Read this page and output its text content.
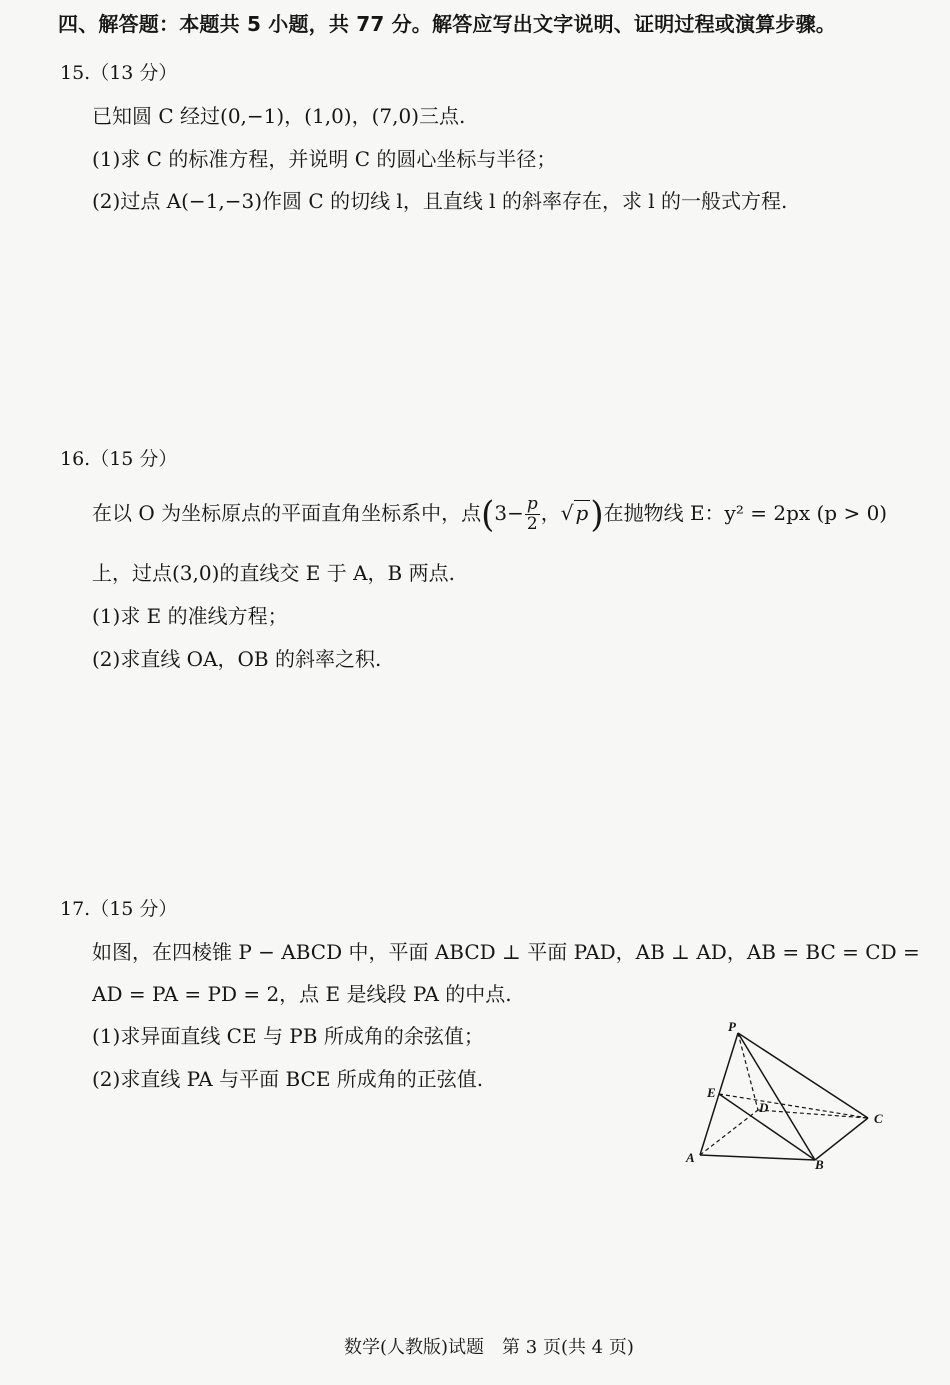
四、解答题：本题共 5 小题，共 77 分。解答应写出文字说明、证明过程或演算步骤。
15.（13 分）
已知圆 C 经过(0,−1)，(1,0)，(7,0)三点.
(1)求 C 的标准方程，并说明 C 的圆心坐标与半径；
(2)过点 A(−1,−3)作圆 C 的切线 l，且直线 l 的斜率存在，求 l 的一般式方程.
16.（15 分）
在以 O 为坐标原点的平面直角坐标系中，点($3- \frac{p}{2}$ ，√ p)在抛物线 E：y² = 2px (p > 0)
上，过点(3,0)的直线交 E 于 A，B 两点.
(1)求 E 的准线方程；
(2)求直线 OA，OB 的斜率之积.
17.（15 分）
如图，在四棱锥 P − ABCD 中，平面 ABCD ⊥ 平面 PAD，AB ⊥ AD，AB = BC = CD =
AD = PA = PD = 2，点 E 是线段 PA 的中点.
(1)求异面直线 CE 与 PB 所成角的余弦值；
(2)求直线 PA 与平面 BCE 所成角的正弦值.
P
E
D
C
A	B
数学(人教版)试题　第 3 页(共 4 页)
